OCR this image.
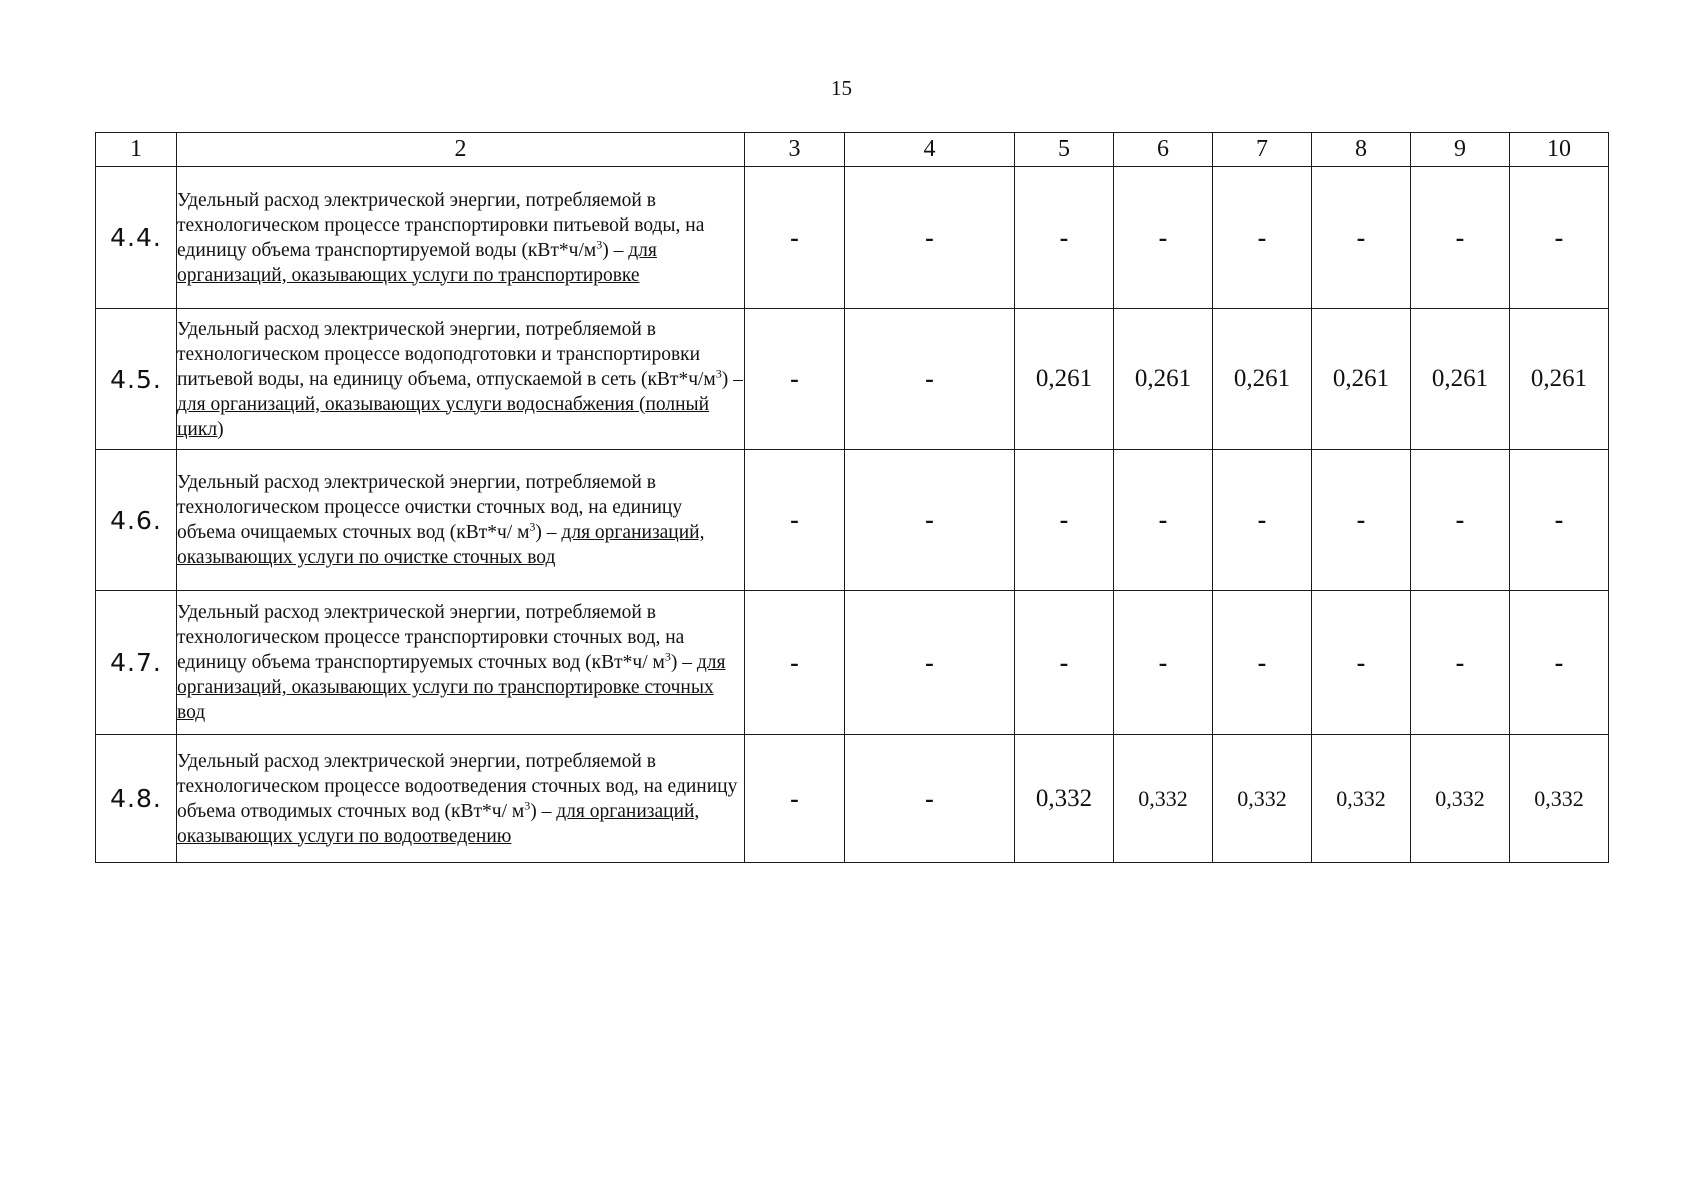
15
1	2	3	4	5	6	7	8	9	10
4.4.	Удельный расход электрической энергии, потребляемой в технологическом процессе транспортировки питьевой воды, на единицу объема транспортируемой воды $(кВт*ч/м^3)$ – для организаций, оказывающих услуги по транспортировке	-	-	-	-	-	-	-	-
4.5.	Удельный расход электрической энергии, потребляемой в технологическом процессе водоподготовки и транспортировки питьевой воды, на единицу объема, отпускаемой в сеть $(кВт*ч/м^3)$ – для организаций, оказывающих услуги водоснабжения (полный цикл)	-	-	0,261	0,261	0,261	0,261	0,261	0,261
4.6.	Удельный расход электрической энергии, потребляемой в технологическом процессе очистки сточных вод, на единицу объема очищаемых сточных вод (кВт*ч/ $м^3$) – для организаций, оказывающих услуги по очистке сточных вод	-	-	-	-	-	-	-	-
4.7.	Удельный расход электрической энергии, потребляемой в технологическом процессе транспортировки сточных вод, на единицу объема транспортируемых сточных вод (кВт*ч/ $м^3$) – для организаций, оказывающих услуги по транспортировке сточных вод	-	-	-	-	-	-	-	-
4.8.	Удельный расход электрической энергии, потребляемой в технологическом процессе водоотведения сточных вод, на единицу объема отводимых сточных вод (кВт*ч/ $м^3$) – для организаций, оказывающих услуги по водоотведению	-	-	0,332	0,332	0,332	0,332	0,332	0,332
